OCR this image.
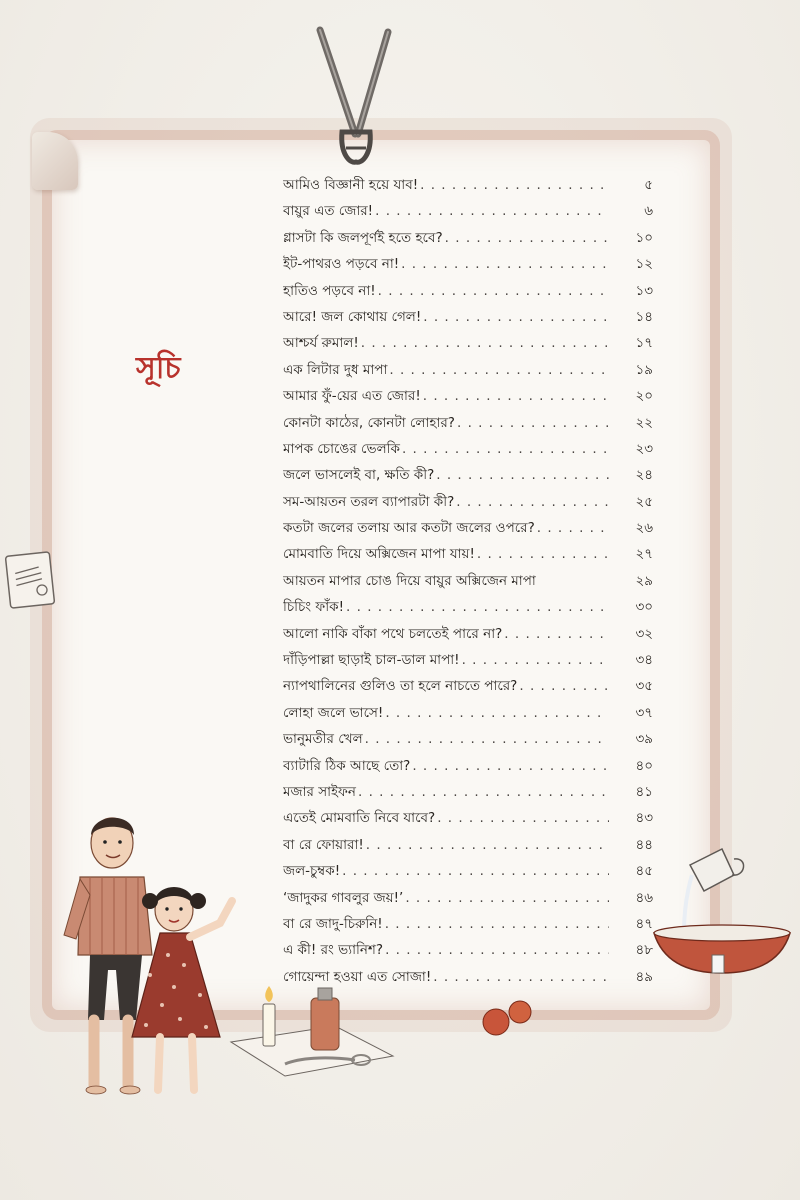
সূচি
আমিও বিজ্ঞানী হয়ে যাব! . . .	৫
বায়ুর এত জোর! . . .	৬
গ্লাসটা কি জলপূর্ণই হতে হবে? . . .	১০
ইট-পাথরও পড়বে না! . . .	১২
হাতিও পড়বে না! . . .	১৩
আরে! জল কোথায় গেল! . . .	১৪
আশ্চর্য রুমাল! . . .	১৭
এক লিটার দুধ মাপা . . .	১৯
আমার ফুঁ-য়ের এত জোর! . . .	২০
কোনটা কাঠের, কোনটা লোহার? . . .	২২
মাপক চোঙের ভেলকি . . .	২৩
জলে ভাসলেই বা, ক্ষতি কী? . . .	২৪
সম-আয়তন তরল ব্যাপারটা কী? . . .	২৫
কতটা জলের তলায় আর কতটা জলের ওপরে? . . .	২৬
মোমবাতি দিয়ে অক্সিজেন মাপা যায়! . . .	২৭
আয়তন মাপার চোঙ দিয়ে বায়ুর অক্সিজেন মাপা	২৯
চিচিং ফাঁক! . . .	৩০
আলো নাকি বাঁকা পথে চলতেই পারে না? . . .	৩২
দাঁড়িপাল্লা ছাড়াই চাল-ডাল মাপা! . . .	৩৪
ন্যাপথালিনের গুলিও তা হলে নাচতে পারে? . . .	৩৫
লোহা জলে ভাসে! . . .	৩৭
ভানুমতীর খেল . . .	৩৯
ব্যাটারি ঠিক আছে তো? . . .	৪০
মজার সাইফন . . .	৪১
এতেই মোমবাতি নিবে যাবে? . . .	৪৩
বা রে ফোয়ারা! . . .	৪৪
জল-চুম্বক! . . .	৪৫
‘জাদুকর গাবলুর জয়!’ . . .	৪৬
বা রে জাদু-চিরুনি! . . .	৪৭
এ কী! রং ভ্যানিশ? . . .	৪৮
গোয়েন্দা হওয়া এত সোজা! . . .	৪৯
